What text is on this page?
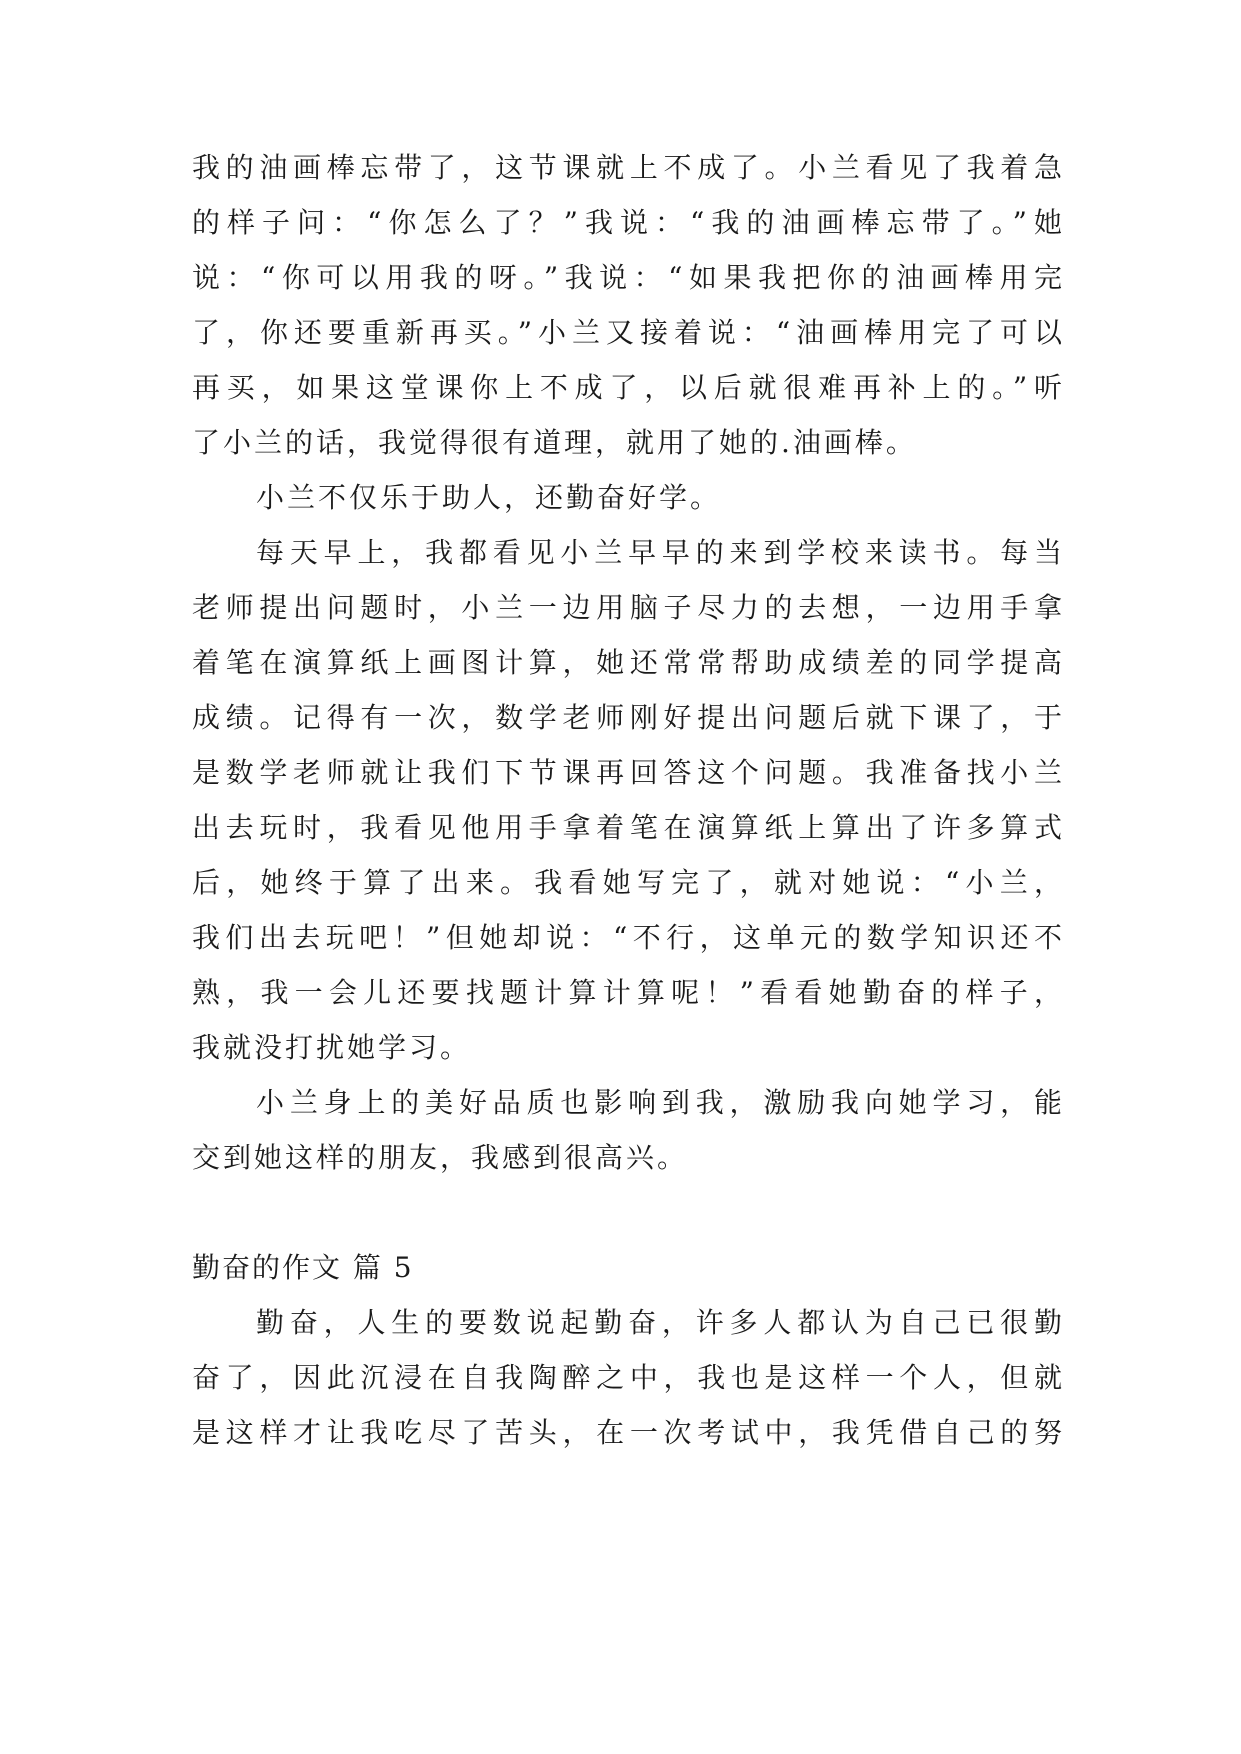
我的油画棒忘带了，这节课就上不成了。小兰看见了我着急
的样子问：“你怎么了？”我说：“我的油画棒忘带了。”她
说：“你可以用我的呀。”我说：“如果我把你的油画棒用完
了，你还要重新再买。”小兰又接着说：“油画棒用完了可以
再买，如果这堂课你上不成了，以后就很难再补上的。”听
了小兰的话，我觉得很有道理，就用了她的.油画棒。
小兰不仅乐于助人，还勤奋好学。
每天早上，我都看见小兰早早的来到学校来读书。每当
老师提出问题时，小兰一边用脑子尽力的去想，一边用手拿
着笔在演算纸上画图计算，她还常常帮助成绩差的同学提高
成绩。记得有一次，数学老师刚好提出问题后就下课了，于
是数学老师就让我们下节课再回答这个问题。我准备找小兰
出去玩时，我看见他用手拿着笔在演算纸上算出了许多算式
后，她终于算了出来。我看她写完了，就对她说：“小兰，
我们出去玩吧！”但她却说：“不行，这单元的数学知识还不
熟，我一会儿还要找题计算计算呢！”看看她勤奋的样子，
我就没打扰她学习。
小兰身上的美好品质也影响到我，激励我向她学习，能
交到她这样的朋友，我感到很高兴。
勤奋的作文 篇 5
勤奋，人生的要数说起勤奋，许多人都认为自己已很勤
奋了，因此沉浸在自我陶醉之中，我也是这样一个人，但就
是这样才让我吃尽了苦头，在一次考试中，我凭借自己的努
